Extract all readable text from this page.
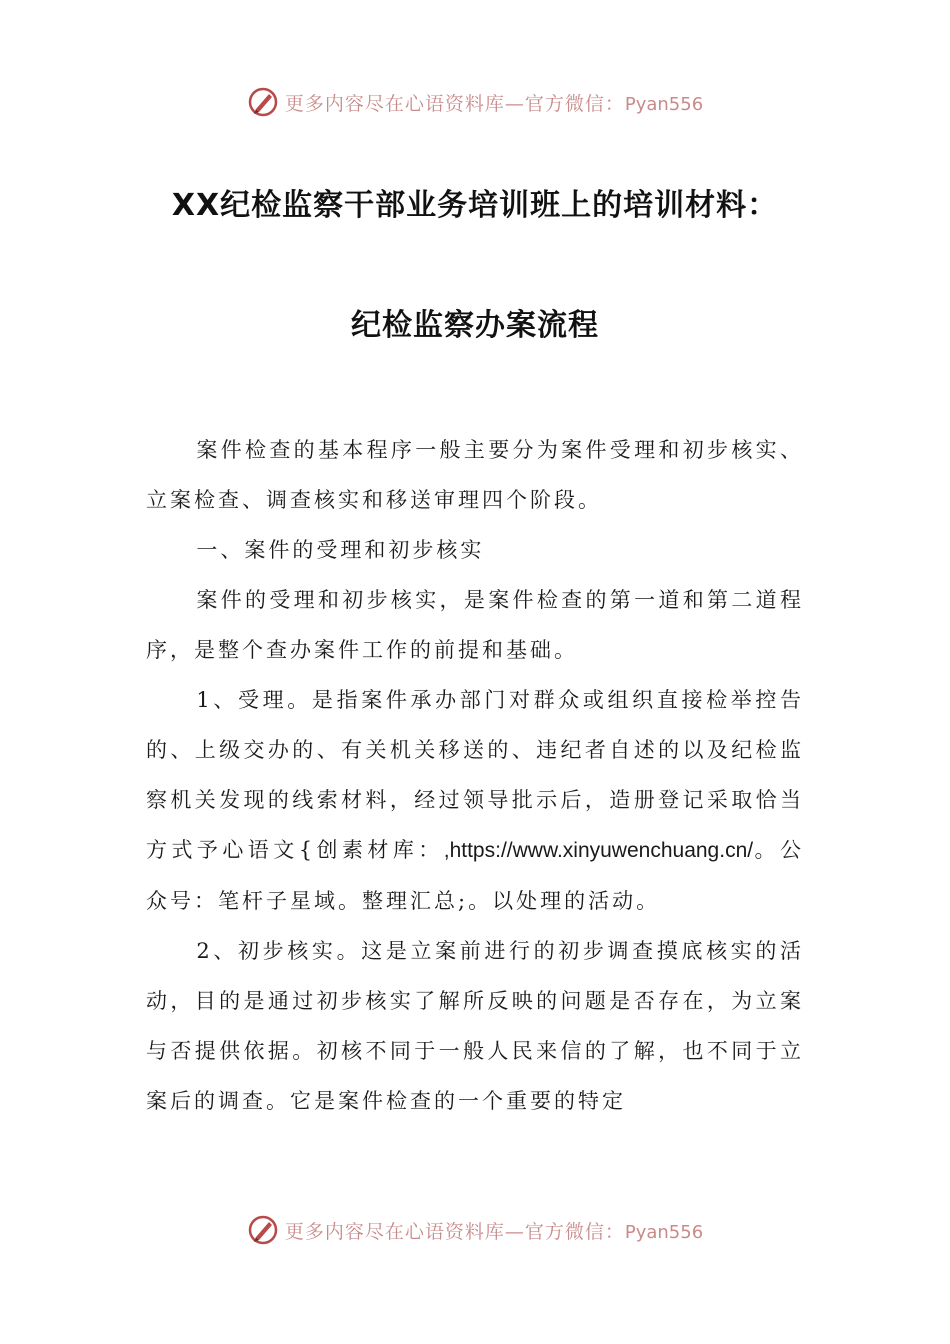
更多内容尽在心语资料库—官方微信：Pyan556
XX纪检监察干部业务培训班上的培训材料：
纪检监察办案流程

案件检查的基本程序一般主要分为案件受理和初步核实、立案检查、调查核实和移送审理四个阶段。

一、案件的受理和初步核实

案件的受理和初步核实，是案件检查的第一道和第二道程序，是整个查办案件工作的前提和基础。

1、受理。是指案件承办部门对群众或组织直接检举控告的、上级交办的、有关机关移送的、违纪者自述的以及纪检监察机关发现的线索材料，经过领导批示后，造册登记采取恰当方式予心语文{创素材库：,https://www.xinyuwenchuang.cn/。公众号：笔杆子星域。整理汇总;。以处理的活动。

2、初步核实。这是立案前进行的初步调查摸底核实的活动，目的是通过初步核实了解所反映的问题是否存在，为立案与否提供依据。初核不同于一般人民来信的了解，也不同于立案后的调查。它是案件检查的一个重要的特定

更多内容尽在心语资料库—官方微信：Pyan556
